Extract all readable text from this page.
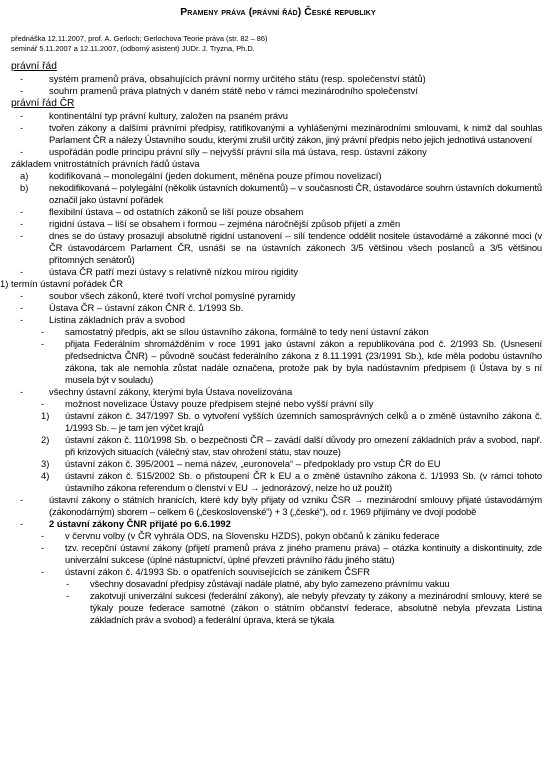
Prameny práva (právní řád) České republiky
přednáška 12.11.2007, prof. A. Gerloch; Gerlochova Teorie práva (str. 82 – 86)
seminář 5.11.2007 a 12.11.2007, (odborný asistent) JUDr. J. Tryzna, Ph.D.
právní řád
-	systém pramenů práva, obsahujících právní normy určitého státu (resp. společenství států)
-	souhrn pramenů práva platných v daném státě nebo v rámci mezinárodního společenství
právní řád ČR
-	kontinentální typ právní kultury, založen na psaném právu
-	tvořen zákony a dalšími právními předpisy, ratifikovanými a vyhlášenými mezinárodními smlouvami, k nimž dal souhlas Parlament ČR a nálezy Ústavního soudu, kterými zrušil určitý zákon, jiný právní předpis nebo jejich jednotlivá ustanovení
-	uspořádán podle principu právní síly – nejvyšší právní síla má ústava, resp. ústavní zákony
základem vnitrostátních právních řádů ústava
a)	kodifikovaná – monolegální (jeden dokument, měněna pouze přímou novelizací)
b)	nekodifikovaná – polylegální (několik ústavních dokumentů) – v současnosti ČR, ústavodárce souhrn ústavních dokumentů označil jako ústavní pořádek
-	flexibilní ústava – od ostatních zákonů se liší pouze obsahem
-	rigidní ústava – liší se obsahem i formou – zejména náročnější způsob přijetí a změn
-	dnes se do ústavy prosazují absolutně rigidní ustanovení – sílí tendence oddělit nositele ústavodárné a zákonné moci (v ČR ústavodárcem Parlament ČR, usnáší se na ústavních zákonech 3/5 většinou všech poslanců a 3/5 většinou přítomných senátorů)
-	ústava ČR patří mezi ústavy s relativně nízkou mírou rigidity
1) termín ústavní pořádek ČR
-	soubor všech zákonů, které tvoří vrchol pomyslné pyramidy
-	Ústava ČR – ústavní zákon ČNR č. 1/1993 Sb.
-	Listina základních práv a svobod
-	samostatný předpis, akt se sílou ústavního zákona, formálně to tedy není ústavní zákon
-	přijata Federálním shromážděním v roce 1991 jako ústavní zákon a republikována pod č. 2/1993 Sb. (Usnesení předsednictva ČNR) – původně součást federálního zákona z 8.11.1991 (23/1991 Sb.), kde měla podobu ústavního zákona, tak ale nemohla zůstat nadále označena, protože pak by byla nadústavním předpisem (i Ústava by s ní musela být v souladu)
-	všechny ústavní zákony, kterými byla Ústava novelizována
-	možnost novelizace Ústavy pouze předpisem stejné nebo vyšší právní síly
1)	ústavní zákon č. 347/1997 Sb. o vytvoření vyšších územních samosprávných celků a o změně ústavního zákona č. 1/1993 Sb. – je tam jen výčet krajů
2)	ústavní zákon č. 110/1998 Sb. o bezpečnosti ČR – zavádí další důvody pro omezení základních práv a svobod, např. při krizových situacích (válečný stav, stav ohrožení státu, stav nouze)
3)	ústavní zákon č. 395/2001 – nemá název, „euronovela“ – předpoklady pro vstup ČR do EU
4)	ústavní zákon č. 515/2002 Sb. o přistoupení ČR k EU a o změně ústavního zákona č. 1/1993 Sb. (v rámci tohoto ústavního zákona referendum o členství v EU → jednorázový, nelze ho už použít)
-	ústavní zákony o státních hranicích, které kdy byly přijaty od vzniku ČSR → mezinárodní smlouvy přijaté ústavodárným (zákonodárným) sborem – celkem 6 („československé“) + 3 („české“), od r. 1969 přijímány ve dvojí podobě
-	2 ústavní zákony ČNR přijaté po 6.6.1992
-	v červnu volby (v ČR vyhrála ODS, na Slovensku HZDS), pokyn občanů k zániku federace
-	tzv. recepční ústavní zákony (přijetí pramenů práva z jiného pramenu práva) – otázka kontinuity a diskontinuity, zde univerzální sukcese (úplné nástupnictví, úplné převzetí právního řádu jiného státu)
-	ústavní zákon č. 4/1993 Sb. o opatřeních souvisejících se zánikem ČSFR
-	všechny dosavadní předpisy zůstávají nadále platné, aby bylo zamezeno právnímu vakuu
-	zakotvují univerzální sukcesi (federální zákony), ale nebyly převzaty ty zákony a mezinárodní smlouvy, které se týkaly pouze federace samotné (zákon o státním občanství federace, absolutně nebyla převzata Listina základních práv a svobod) a federální úprava, která se týkala
